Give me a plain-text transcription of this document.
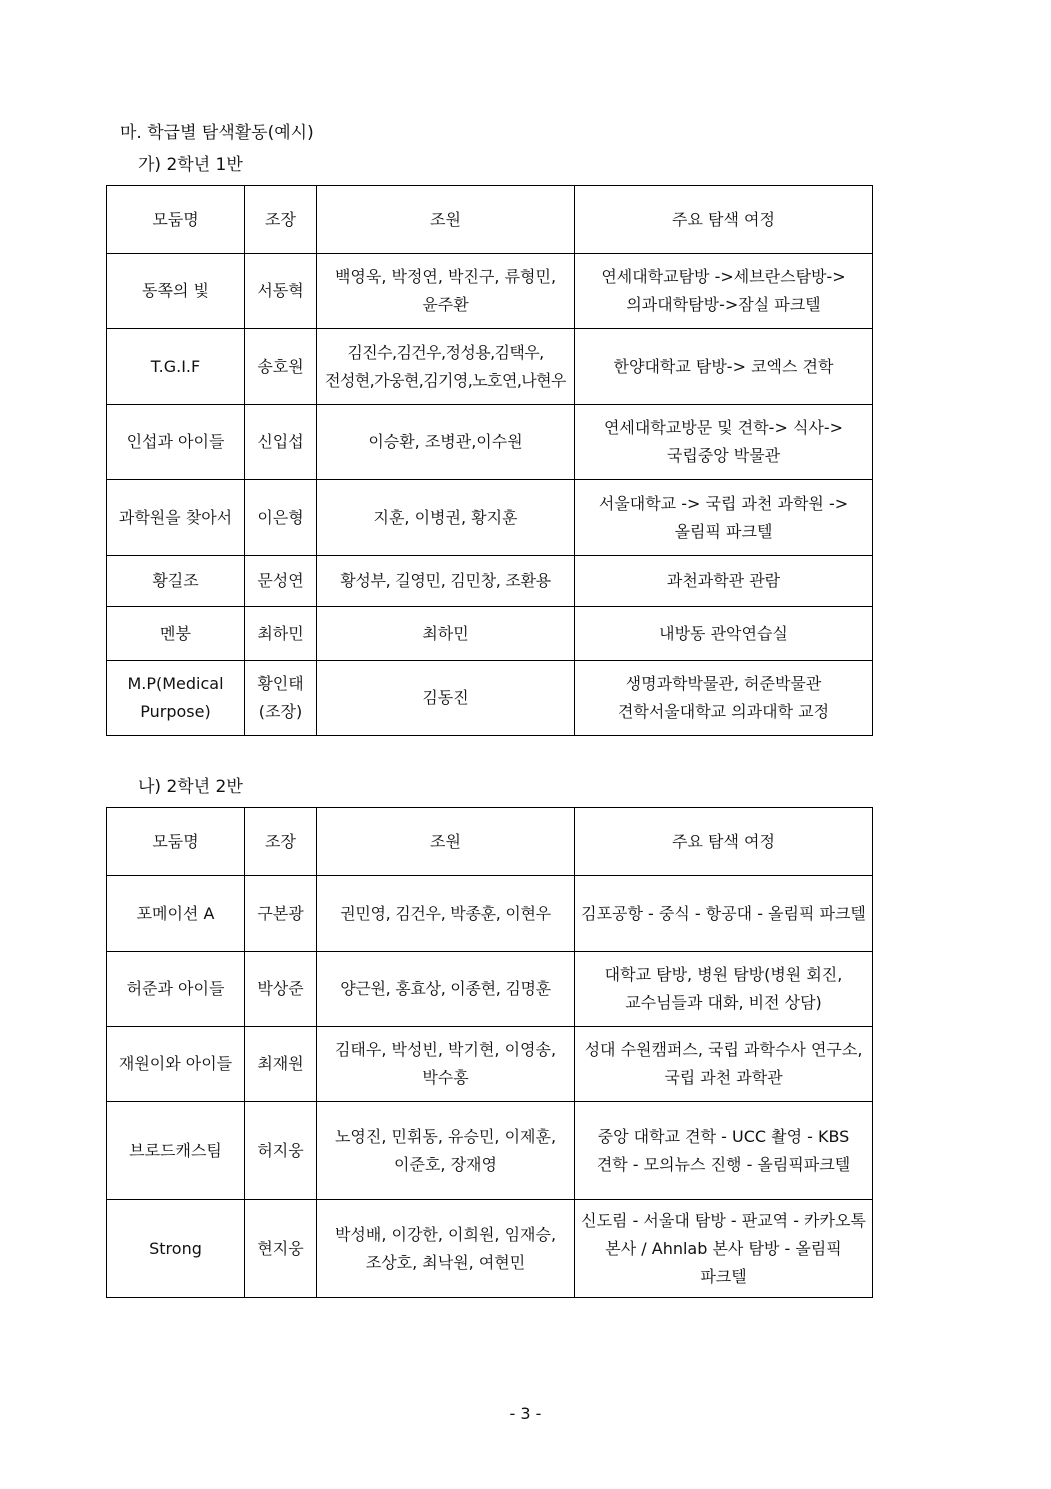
마. 학급별 탐색활동(예시)
가) 2학년 1반
모둠명	조장	조원	주요 탐색 여정
동쪽의 빛	서동혁	백영욱, 박정연, 박진구, 류형민, 윤주환	연세대학교탐방 ->세브란스탐방-> 의과대학탐방->잠실 파크텔
T.G.I.F	송호원	김진수,김건우,정성용,김택우,전성현,가웅현,김기영,노호연,나현우	한양대학교 탐방-> 코엑스 견학
인섭과 아이들	신입섭	이승환, 조병관,이수원	연세대학교방문 및 견학-> 식사-> 국립중앙 박물관
과학원을 찾아서	이은형	지훈, 이병권, 황지훈	서울대학교 -> 국립 과천 과학원 -> 올림픽 파크텔
황길조	문성연	황성부, 길영민, 김민창, 조환용	과천과학관 관람
멘붕	최하민	최하민	내방동 관악연습실
M.P(Medical Purpose)	황인태 (조장)	김동진	생명과학박물관, 허준박물관 견학서울대학교 의과대학 교정
나) 2학년 2반
모둠명	조장	조원	주요 탐색 여정
포메이션 A	구본광	권민영, 김건우, 박종훈, 이현우	김포공항 - 중식 - 항공대 - 올림픽 파크텔
허준과 아이들	박상준	양근원, 홍효상, 이종현, 김명훈	대학교 탐방, 병원 탐방(병원 회진, 교수님들과 대화, 비전 상담)
재원이와 아이들	최재원	김태우, 박성빈, 박기현, 이영송, 박수홍	성대 수원캠퍼스, 국립 과학수사 연구소, 국립 과천 과학관
브로드캐스팀	허지웅	노영진, 민휘동, 유승민, 이제훈, 이준호, 장재영	중앙 대학교 견학 - UCC 촬영 - KBS 견학 - 모의뉴스 진행 - 올림픽파크텔
Strong	현지웅	박성배, 이강한, 이희원, 임재승, 조상호, 최낙원, 여현민	신도림 - 서울대 탐방 - 판교역 - 카카오톡 본사 / Ahnlab 본사 탐방 - 올림픽 파크텔
- 3 -
